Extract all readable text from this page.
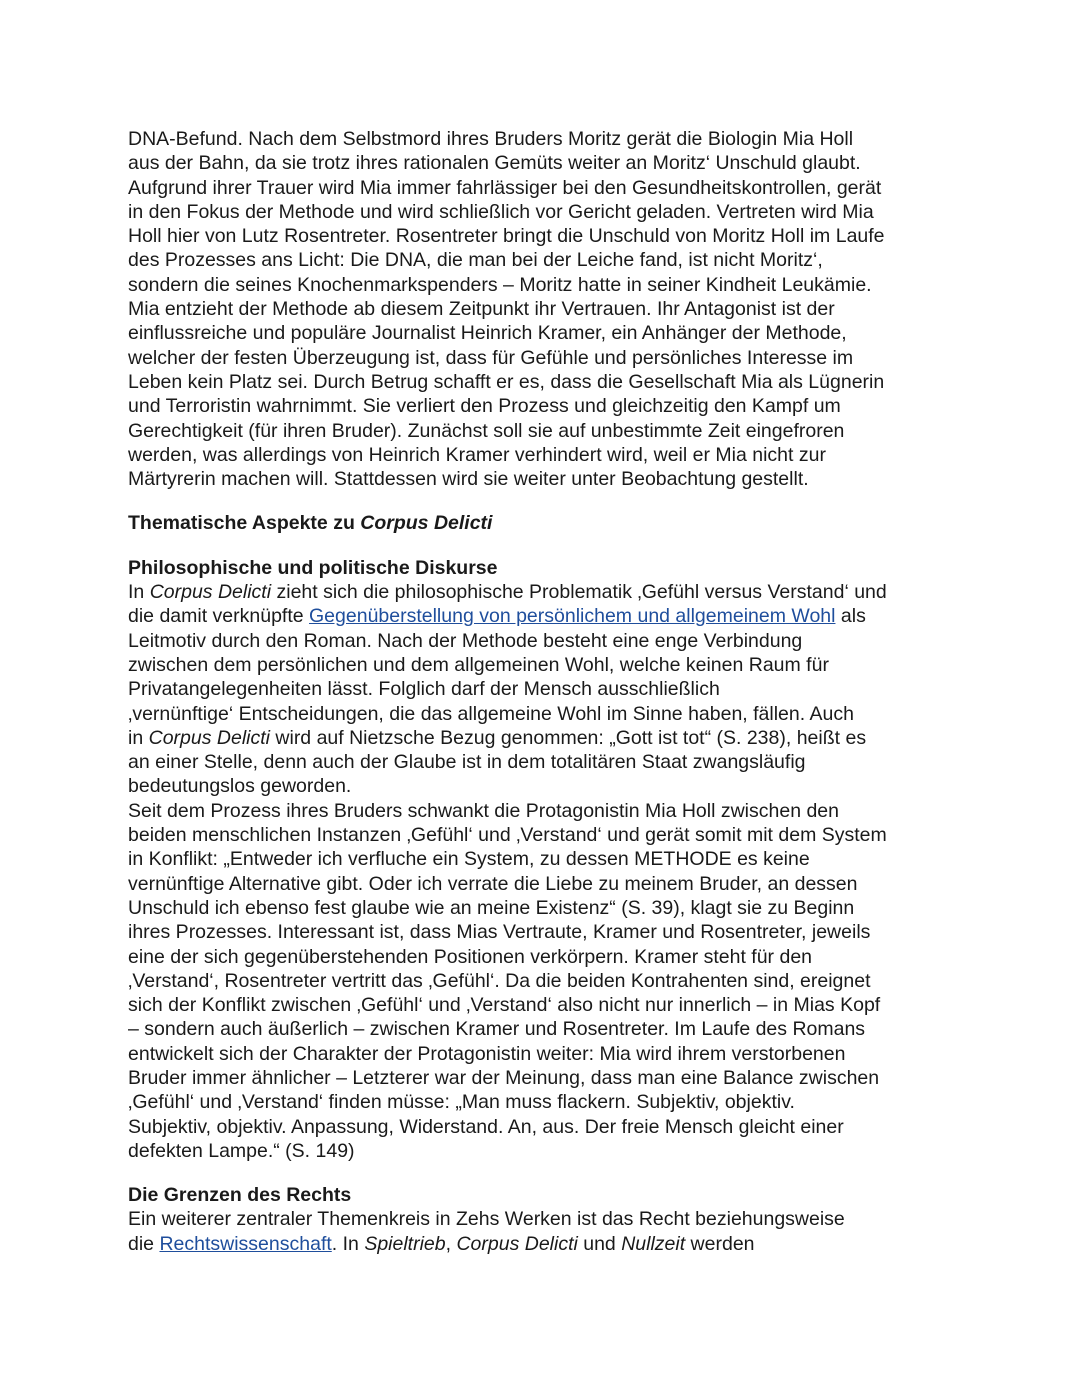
DNA-Befund. Nach dem Selbstmord ihres Bruders Moritz gerät die Biologin Mia Holl
aus der Bahn, da sie trotz ihres rationalen Gemüts weiter an Moritz‘ Unschuld glaubt.
Aufgrund ihrer Trauer wird Mia immer fahrlässiger bei den Gesundheitskontrollen, gerät
in den Fokus der Methode und wird schließlich vor Gericht geladen. Vertreten wird Mia
Holl hier von Lutz Rosentreter. Rosentreter bringt die Unschuld von Moritz Holl im Laufe
des Prozesses ans Licht: Die DNA, die man bei der Leiche fand, ist nicht Moritz‘,
sondern die seines Knochenmarkspenders – Moritz hatte in seiner Kindheit Leukämie.
Mia entzieht der Methode ab diesem Zeitpunkt ihr Vertrauen. Ihr Antagonist ist der
einflussreiche und populäre Journalist Heinrich Kramer, ein Anhänger der Methode,
welcher der festen Überzeugung ist, dass für Gefühle und persönliches Interesse im
Leben kein Platz sei. Durch Betrug schafft er es, dass die Gesellschaft Mia als Lügnerin
und Terroristin wahrnimmt. Sie verliert den Prozess und gleichzeitig den Kampf um
Gerechtigkeit (für ihren Bruder). Zunächst soll sie auf unbestimmte Zeit eingefroren
werden, was allerdings von Heinrich Kramer verhindert wird, weil er Mia nicht zur
Märtyrerin machen will. Stattdessen wird sie weiter unter Beobachtung gestellt.

Thematische Aspekte zu Corpus Delicti

Philosophische und politische Diskurse

In Corpus Delicti zieht sich die philosophische Problematik ‚Gefühl versus Verstand‘ und
die damit verknüpfte Gegenüberstellung von persönlichem und allgemeinem Wohl als
Leitmotiv durch den Roman. Nach der Methode besteht eine enge Verbindung
zwischen dem persönlichen und dem allgemeinen Wohl, welche keinen Raum für
Privatangelegenheiten lässt. Folglich darf der Mensch ausschließlich
‚vernünftige‘ Entscheidungen, die das allgemeine Wohl im Sinne haben, fällen. Auch
in Corpus Delicti wird auf Nietzsche Bezug genommen: „Gott ist tot“ (S. 238), heißt es
an einer Stelle, denn auch der Glaube ist in dem totalitären Staat zwangsläufig
bedeutungslos geworden.

Seit dem Prozess ihres Bruders schwankt die Protagonistin Mia Holl zwischen den
beiden menschlichen Instanzen ‚Gefühl‘ und ‚Verstand‘ und gerät somit mit dem System
in Konflikt: „Entweder ich verfluche ein System, zu dessen METHODE es keine
vernünftige Alternative gibt. Oder ich verrate die Liebe zu meinem Bruder, an dessen
Unschuld ich ebenso fest glaube wie an meine Existenz“ (S. 39), klagt sie zu Beginn
ihres Prozesses. Interessant ist, dass Mias Vertraute, Kramer und Rosentreter, jeweils
eine der sich gegenüberstehenden Positionen verkörpern. Kramer steht für den
‚Verstand‘, Rosentreter vertritt das ‚Gefühl‘. Da die beiden Kontrahenten sind, ereignet
sich der Konflikt zwischen ‚Gefühl‘ und ‚Verstand‘ also nicht nur innerlich – in Mias Kopf
– sondern auch äußerlich – zwischen Kramer und Rosentreter. Im Laufe des Romans
entwickelt sich der Charakter der Protagonistin weiter: Mia wird ihrem verstorbenen
Bruder immer ähnlicher – Letzterer war der Meinung, dass man eine Balance zwischen
‚Gefühl‘ und ‚Verstand‘ finden müsse: „Man muss flackern. Subjektiv, objektiv.
Subjektiv, objektiv. Anpassung, Widerstand. An, aus. Der freie Mensch gleicht einer
defekten Lampe.“ (S. 149)

Die Grenzen des Rechts

Ein weiterer zentraler Themenkreis in Zehs Werken ist das Recht beziehungsweise
die Rechtswissenschaft. In Spieltrieb, Corpus Delicti und Nullzeit werden
